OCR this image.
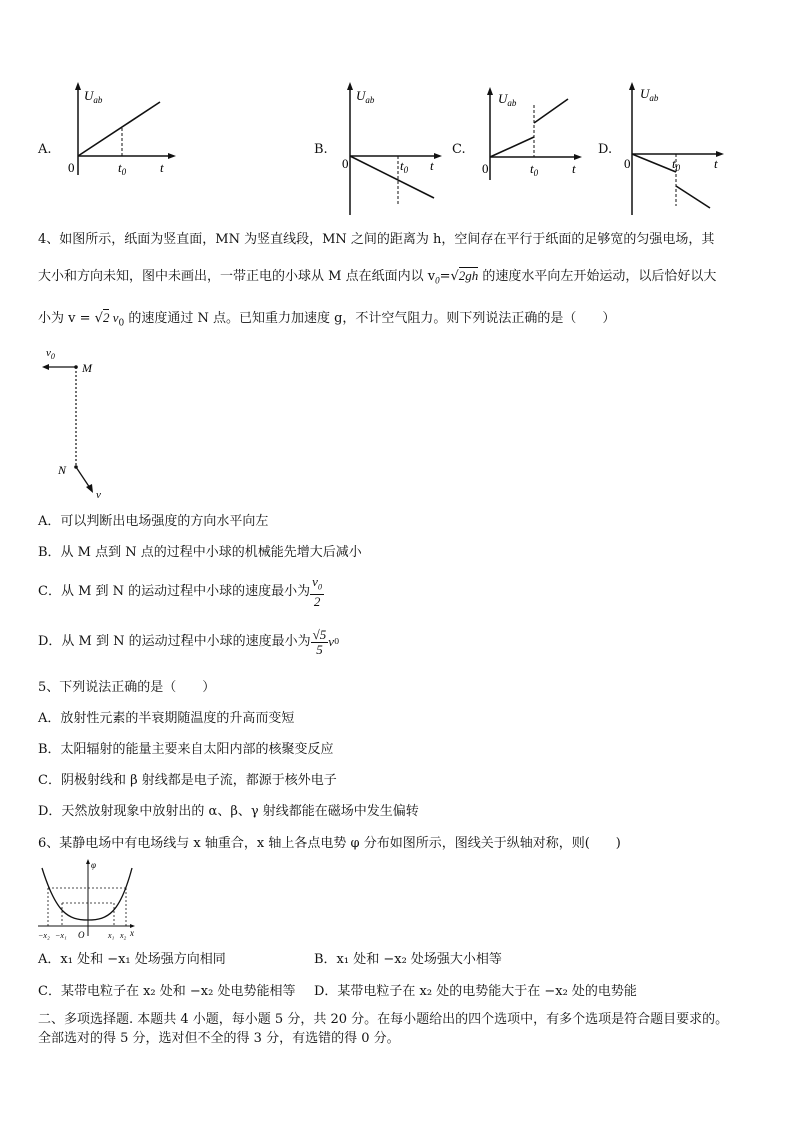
A.
$U_{ab}$
0	$t_0$	t
B.
$U_{ab}$
0	$t_0$ t
C.
$U_{ab}$
0	$t_0$	t
D.
$U_{ab}$
0	$t_0$	t
4、如图所示，纸面为竖直面，MN 为竖直线段，MN 之间的距离为 h，空间存在平行于纸面的足够宽的匀强电场，其
大小和方向未知，图中未画出，一带正电的小球从 M 点在纸面内以 $v_0=√2gh$ 的速度水平向左开始运动，以后恰好以大
小为 v = √2 $v_0$ 的速度通过 N 点。已知重力加速度 g，不计空气阻力。则下列说法正确的是（　　）
$v_0$
M
N
v
A．可以判断出电场强度的方向水平向左
B．从 M 点到 N 点的过程中小球的机械能先增大后减小
C．从 M 到 N 的运动过程中小球的速度最小为 $\frac{v_0}{2}$
D．从 M 到 N 的运动过程中小球的速度最小为 $\frac{√5}{5}$ v 0
5、下列说法正确的是（　　）
A．放射性元素的半衰期随温度的升高而变短
B．太阳辐射的能量主要来自太阳内部的核聚变反应
C．阴极射线和 β 射线都是电子流，都源于核外电子
D．天然放射现象中放射出的 α、β、γ 射线都能在磁场中发生偏转
6、某静电场中有电场线与 x 轴重合，x 轴上各点电势 φ 分布如图所示，图线关于纵轴对称，则(　　)
φ
x
O
−x₂ −x₁	x₁ x₂
A．x₁ 处和 −x₁ 处场强方向相同	B．x₁ 处和 −x₂ 处场强大小相等
C．某带电粒子在 x₂ 处和 −x₂ 处电势能相等 D．某带电粒子在 x₂ 处的电势能大于在 −x₂ 处的电势能
二、多项选择题. 本题共 4 小题，每小题 5 分，共 20 分。在每小题给出的四个选项中，有多个选项是符合题目要求的。
全部选对的得 5 分，选对但不全的得 3 分，有选错的得 0 分。
